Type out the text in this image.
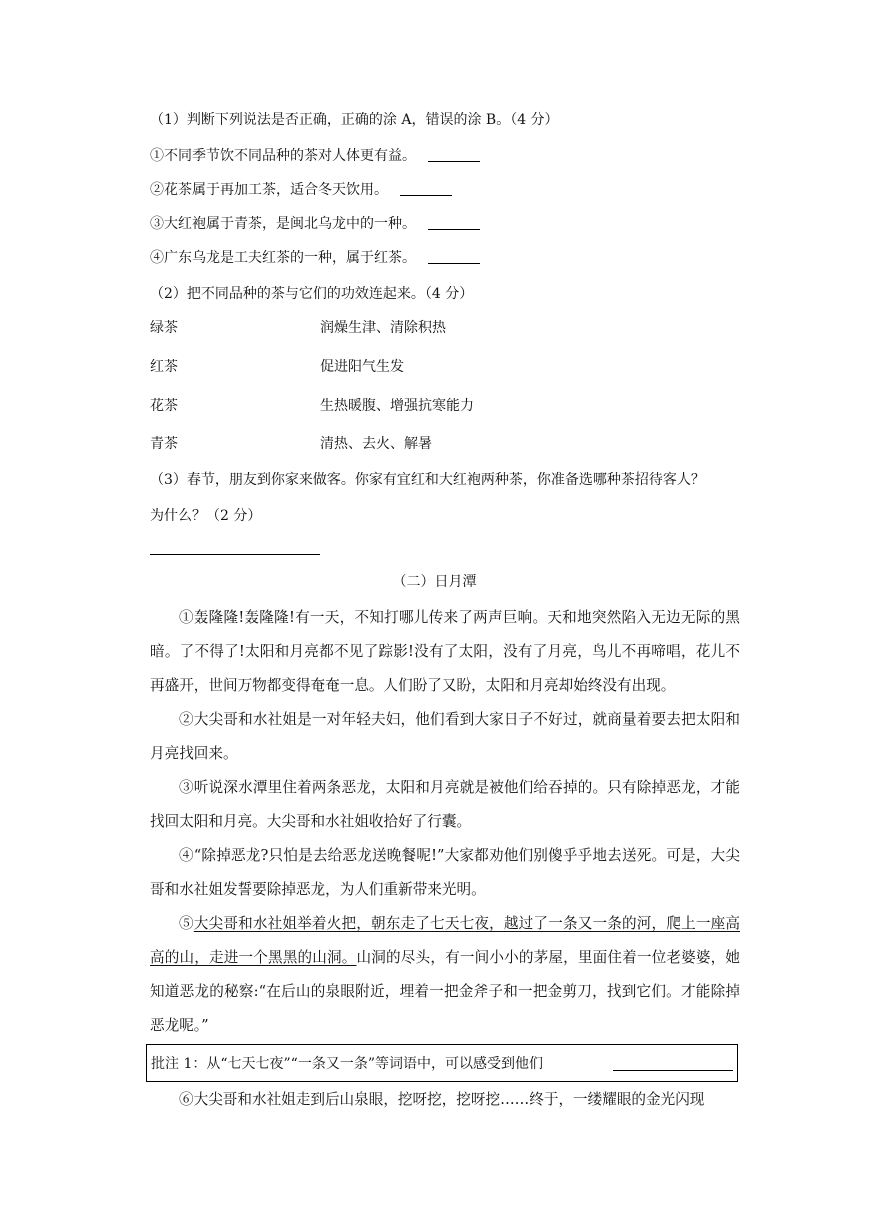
（1）判断下列说法是否正确，正确的涂 A，错误的涂 B。（4 分）
①不同季节饮不同品种的茶对人体更有益。
②花茶属于再加工茶，适合冬天饮用。
③大红袍属于青茶，是闽北乌龙中的一种。
④广东乌龙是工夫红茶的一种，属于红茶。
（2）把不同品种的茶与它们的功效连起来。（4 分）
绿茶	润燥生津、清除积热
红茶	促进阳气生发
花茶	生热暖腹、增强抗寒能力
青茶	清热、去火、解暑
（3）春节，朋友到你家来做客。你家有宜红和大红袍两种茶，你准备选哪种茶招待客人？
为什么？（2 分）
（二）日月潭
①轰隆隆!轰隆隆!有一天，不知打哪儿传来了两声巨响。天和地突然陷入无边无际的黑暗。了不得了!太阳和月亮都不见了踪影!没有了太阳，没有了月亮，鸟儿不再啼唱，花儿不再盛开，世间万物都变得奄奄一息。人们盼了又盼，太阳和月亮却始终没有出现。
②大尖哥和水社姐是一对年轻夫妇，他们看到大家日子不好过，就商量着要去把太阳和月亮找回来。
③听说深水潭里住着两条恶龙，太阳和月亮就是被他们给吞掉的。只有除掉恶龙，才能找回太阳和月亮。大尖哥和水社姐收拾好了行囊。
④“除掉恶龙?只怕是去给恶龙送晚餐呢!”大家都劝他们别傻乎乎地去送死。可是，大尖哥和水社姐发誓要除掉恶龙，为人们重新带来光明。
⑤大尖哥和水社姐举着火把，朝东走了七天七夜，越过了一条又一条的河，爬上一座高高的山，走进一个黑黑的山洞。山洞的尽头，有一间小小的茅屋，里面住着一位老婆婆，她知道恶龙的秘察:“在后山的泉眼附近，埋着一把金斧子和一把金剪刀，找到它们。才能除掉恶龙呢。”
批注 1：从“七天七夜”“一条又一条”等词语中，可以感受到他们
⑥大尖哥和水社姐走到后山泉眼，挖呀挖，挖呀挖……终于，一缕耀眼的金光闪现
